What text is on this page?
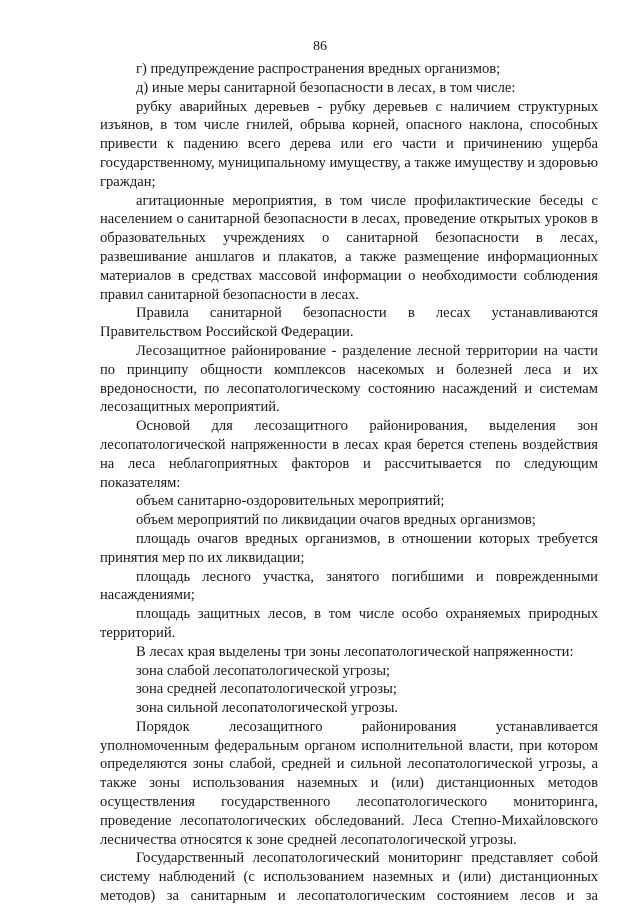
86

г) предупреждение распространения вредных организмов;

д) иные меры санитарной безопасности в лесах, в том числе:

рубку аварийных деревьев - рубку деревьев с наличием структурных изъянов, в том числе гнилей, обрыва корней, опасного наклона, способных привести к падению всего дерева или его части и причинению ущерба государственному, муниципальному имуществу, а также имуществу и здоровью граждан;

агитационные мероприятия, в том числе профилактические беседы с населением о санитарной безопасности в лесах, проведение открытых уроков в образовательных учреждениях о санитарной безопасности в лесах, развешивание аншлагов и плакатов, а также размещение информационных материалов в средствах массовой информации о необходимости соблюдения правил санитарной безопасности в лесах.

Правила санитарной безопасности в лесах устанавливаются Правительством Российской Федерации.

Лесозащитное районирование - разделение лесной территории на части по принципу общности комплексов насекомых и болезней леса и их вредоносности, по лесопатологическому состоянию насаждений и системам лесозащитных мероприятий.

Основой для лесозащитного районирования, выделения зон лесопатологической напряженности в лесах края берется степень воздействия на леса неблагоприятных факторов и рассчитывается по следующим показателям:

объем санитарно-оздоровительных мероприятий;

объем мероприятий по ликвидации очагов вредных организмов;

площадь очагов вредных организмов, в отношении которых требуется принятия мер по их ликвидации;

площадь лесного участка, занятого погибшими и поврежденными насаждениями;

площадь защитных лесов, в том числе особо охраняемых природных территорий.

В лесах края выделены три зоны лесопатологической напряженности:

зона слабой лесопатологической угрозы;

зона средней лесопатологической угрозы;

зона сильной лесопатологической угрозы.

Порядок лесозащитного районирования устанавливается уполномоченным федеральным органом исполнительной власти, при котором определяются зоны слабой, средней и сильной лесопатологической угрозы, а также зоны использования наземных и (или) дистанционных методов осуществления государственного лесопатологического мониторинга, проведение лесопатологических обследований. Леса Степно-Михайловского лесничества относятся к зоне средней лесопатологической угрозы.

Государственный лесопатологический мониторинг представляет собой систему наблюдений (с использованием наземных и (или) дистанционных методов) за санитарным и лесопатологическим состоянием лесов и за
